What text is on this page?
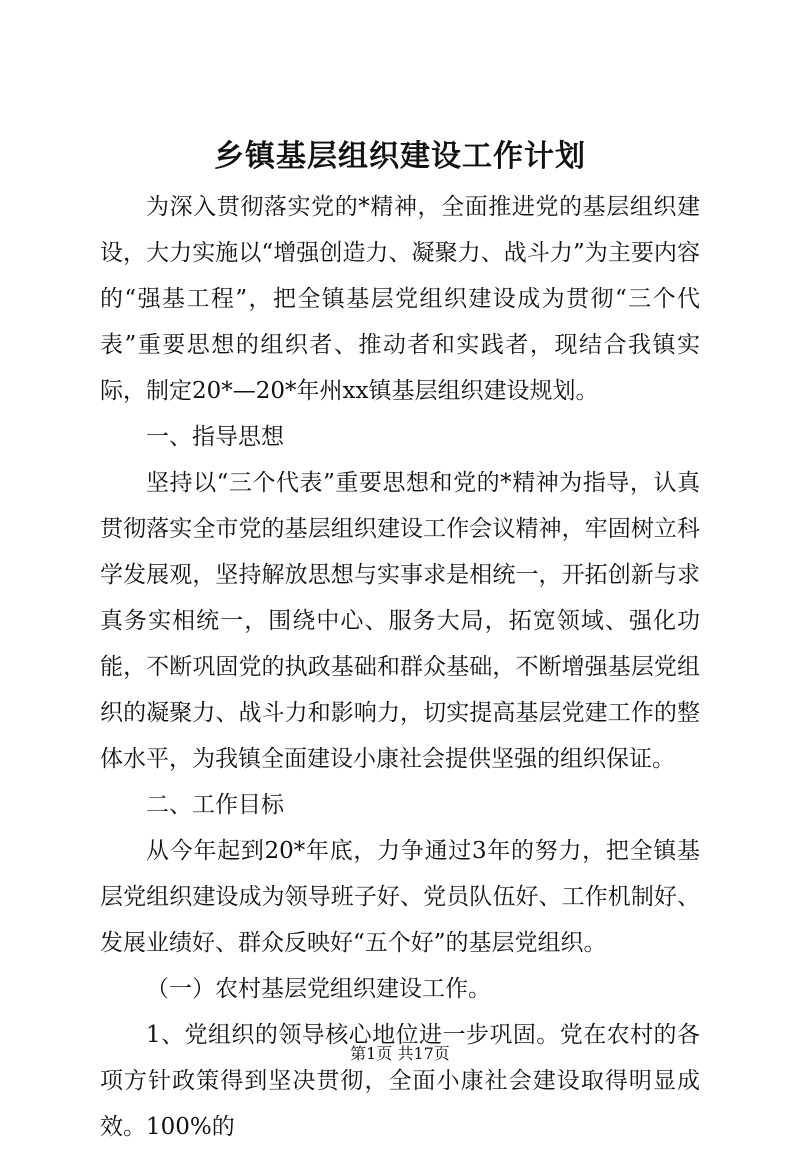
乡镇基层组织建设工作计划

为深入贯彻落实党的*精神，全面推进党的基层组织建设，大力实施以“增强创造力、凝聚力、战斗力”为主要内容的“强基工程”，把全镇基层党组织建设成为贯彻“三个代表”重要思想的组织者、推动者和实践者，现结合我镇实际，制定20*—20*年州xx镇基层组织建设规划。

一、指导思想

坚持以“三个代表”重要思想和党的*精神为指导，认真贯彻落实全市党的基层组织建设工作会议精神，牢固树立科学发展观，坚持解放思想与实事求是相统一，开拓创新与求真务实相统一，围绕中心、服务大局，拓宽领域、强化功能，不断巩固党的执政基础和群众基础，不断增强基层党组织的凝聚力、战斗力和影响力，切实提高基层党建工作的整体水平，为我镇全面建设小康社会提供坚强的组织保证。

二、工作目标

从今年起到20*年底，力争通过3年的努力，把全镇基层党组织建设成为领导班子好、党员队伍好、工作机制好、发展业绩好、群众反映好“五个好”的基层党组织。

（一）农村基层党组织建设工作。

1、党组织的领导核心地位进一步巩固。党在农村的各项方针政策得到坚决贯彻，全面小康社会建设取得明显成效。100%的

第1页 共17页
